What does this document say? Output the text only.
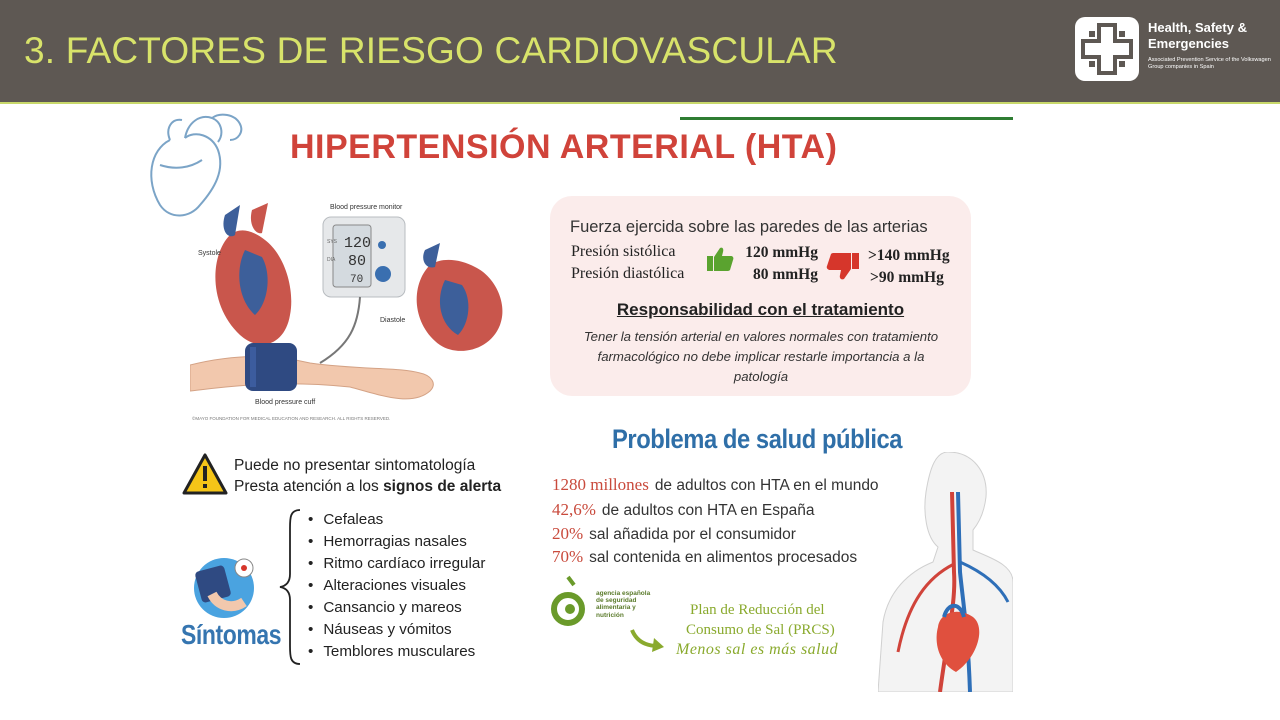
3. FACTORES DE RIESGO CARDIOVASCULAR
Health, Safety & Emergencies
Associated Prevention Service of the Volkswagen Group companies in Spain
HIPERTENSIÓN ARTERIAL (HTA)
120
80
70
SYS
DIA
Blood pressure monitor
Systole
Diastole
Blood pressure cuff
©MAYO FOUNDATION FOR MEDICAL EDUCATION AND RESEARCH. ALL RIGHTS RESERVED.
Fuerza ejercida sobre las paredes de las arterias
Presión sistólica
Presión diastólica
120 mmHg
80 mmHg
>140 mmHg
>90 mmHg
Responsabilidad con el tratamiento
Tener la tensión arterial en valores normales con tratamiento farmacológico no debe implicar restarle importancia a la patología
Problema de salud pública
1280 millones de adultos con HTA en el mundo
42,6% de adultos con HTA en España
20% sal añadida por el consumidor
70% sal contenida en alimentos procesados
agencia española de seguridad alimentaria y nutrición	Plan de Reducción del
Consumo de Sal (PRCS)
Menos sal es más salud
Puede no presentar sintomatología
Presta atención a los signos de alerta
• Cefaleas
• Hemorragias nasales
• Ritmo cardíaco irregular
• Alteraciones visuales
• Cansancio y mareos
• Náuseas y vómitos
• Temblores musculares
Síntomas
